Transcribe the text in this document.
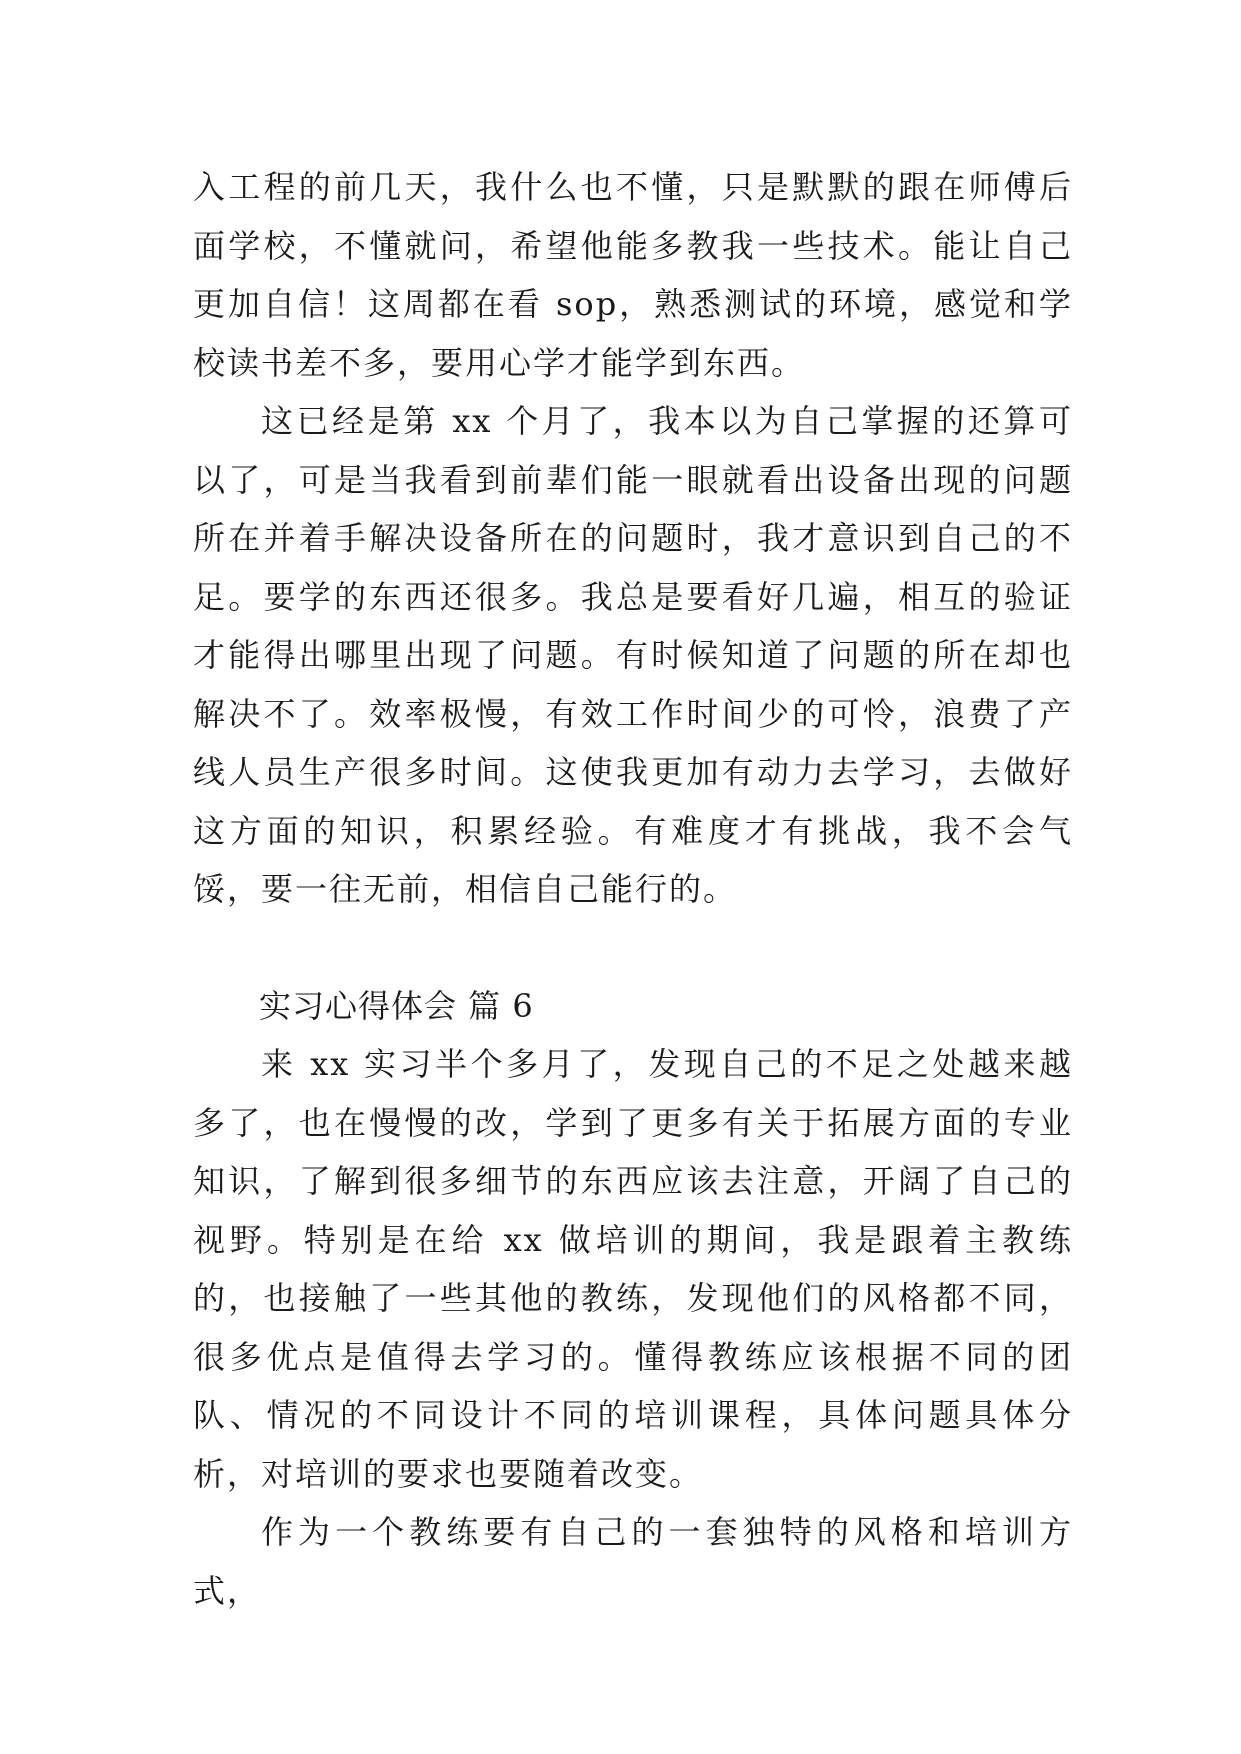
入工程的前几天，我什么也不懂，只是默默的跟在师傅后面学校，不懂就问，希望他能多教我一些技术。能让自己更加自信！这周都在看 sop，熟悉测试的环境，感觉和学校读书差不多，要用心学才能学到东西。

这已经是第 xx 个月了，我本以为自己掌握的还算可以了，可是当我看到前辈们能一眼就看出设备出现的问题所在并着手解决设备所在的问题时，我才意识到自己的不足。要学的东西还很多。我总是要看好几遍，相互的验证才能得出哪里出现了问题。有时候知道了问题的所在却也解决不了。效率极慢，有效工作时间少的可怜，浪费了产线人员生产很多时间。这使我更加有动力去学习，去做好这方面的知识，积累经验。有难度才有挑战，我不会气馁，要一往无前，相信自己能行的。

实习心得体会 篇 6

来 xx 实习半个多月了，发现自己的不足之处越来越多了，也在慢慢的改，学到了更多有关于拓展方面的专业知识，了解到很多细节的东西应该去注意，开阔了自己的视野。特别是在给 xx 做培训的期间，我是跟着主教练的，也接触了一些其他的教练，发现他们的风格都不同，很多优点是值得去学习的。懂得教练应该根据不同的团队、情况的不同设计不同的培训课程，具体问题具体分析，对培训的要求也要随着改变。

作为一个教练要有自己的一套独特的风格和培训方式，
